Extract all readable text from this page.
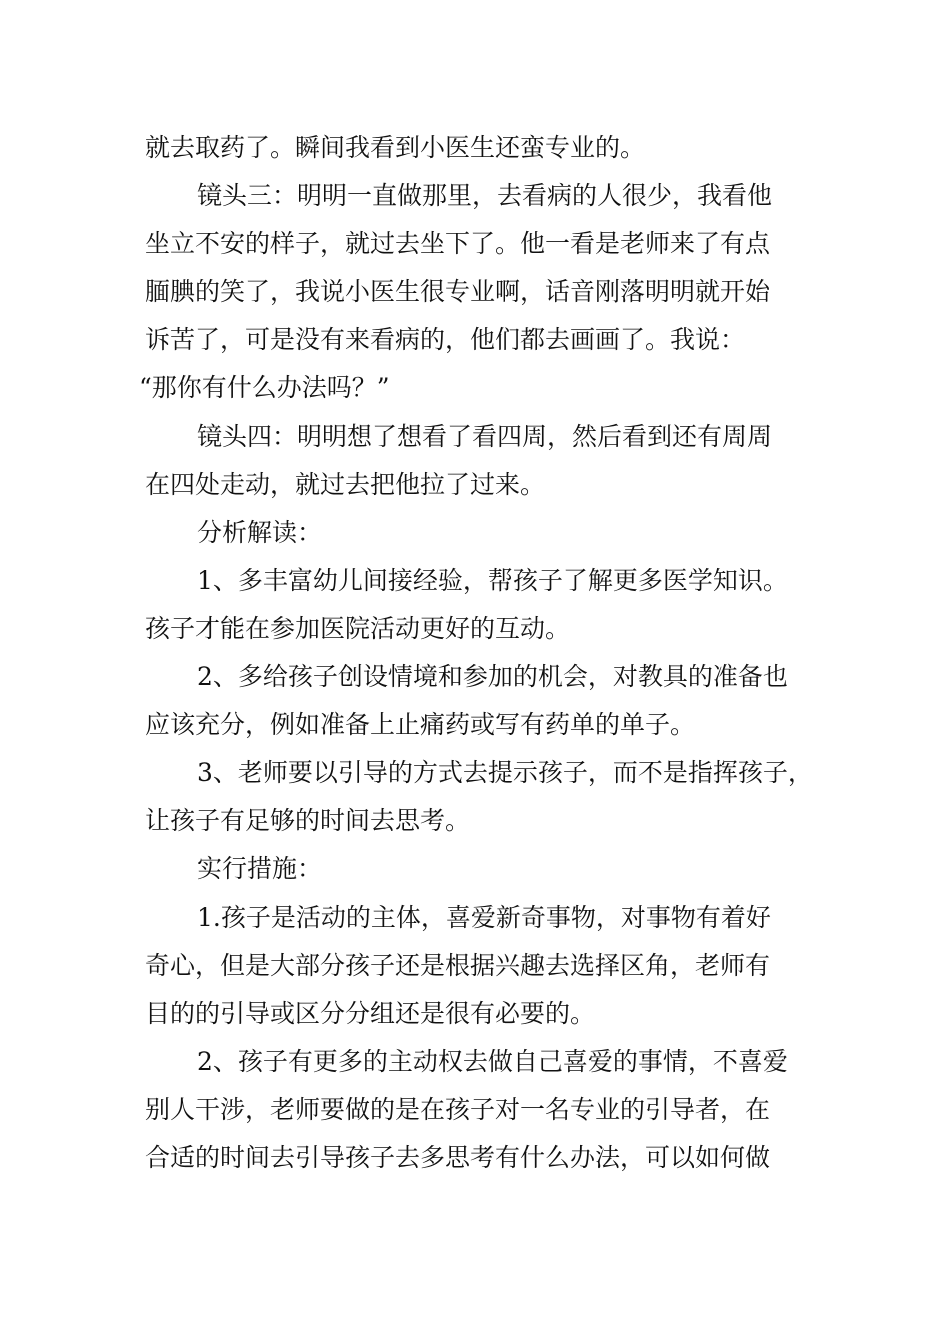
就去取药了。瞬间我看到小医生还蛮专业的。
镜头三：明明一直做那里，去看病的人很少，我看他
坐立不安的样子，就过去坐下了。他一看是老师来了有点
腼腆的笑了，我说小医生很专业啊，话音刚落明明就开始
诉苦了，可是没有来看病的，他们都去画画了。我说：
“那你有什么办法吗？”
镜头四：明明想了想看了看四周，然后看到还有周周
在四处走动，就过去把他拉了过来。
分析解读：
1、多丰富幼儿间接经验，帮孩子了解更多医学知识。
孩子才能在参加医院活动更好的互动。
2、多给孩子创设情境和参加的机会，对教具的准备也
应该充分，例如准备上止痛药或写有药单的单子。
3、老师要以引导的方式去提示孩子，而不是指挥孩子，
让孩子有足够的时间去思考。
实行措施：
1.孩子是活动的主体，喜爱新奇事物，对事物有着好
奇心，但是大部分孩子还是根据兴趣去选择区角，老师有
目的的引导或区分分组还是很有必要的。
2、孩子有更多的主动权去做自己喜爱的事情，不喜爱
别人干涉，老师要做的是在孩子对一名专业的引导者，在
合适的时间去引导孩子去多思考有什么办法，可以如何做
